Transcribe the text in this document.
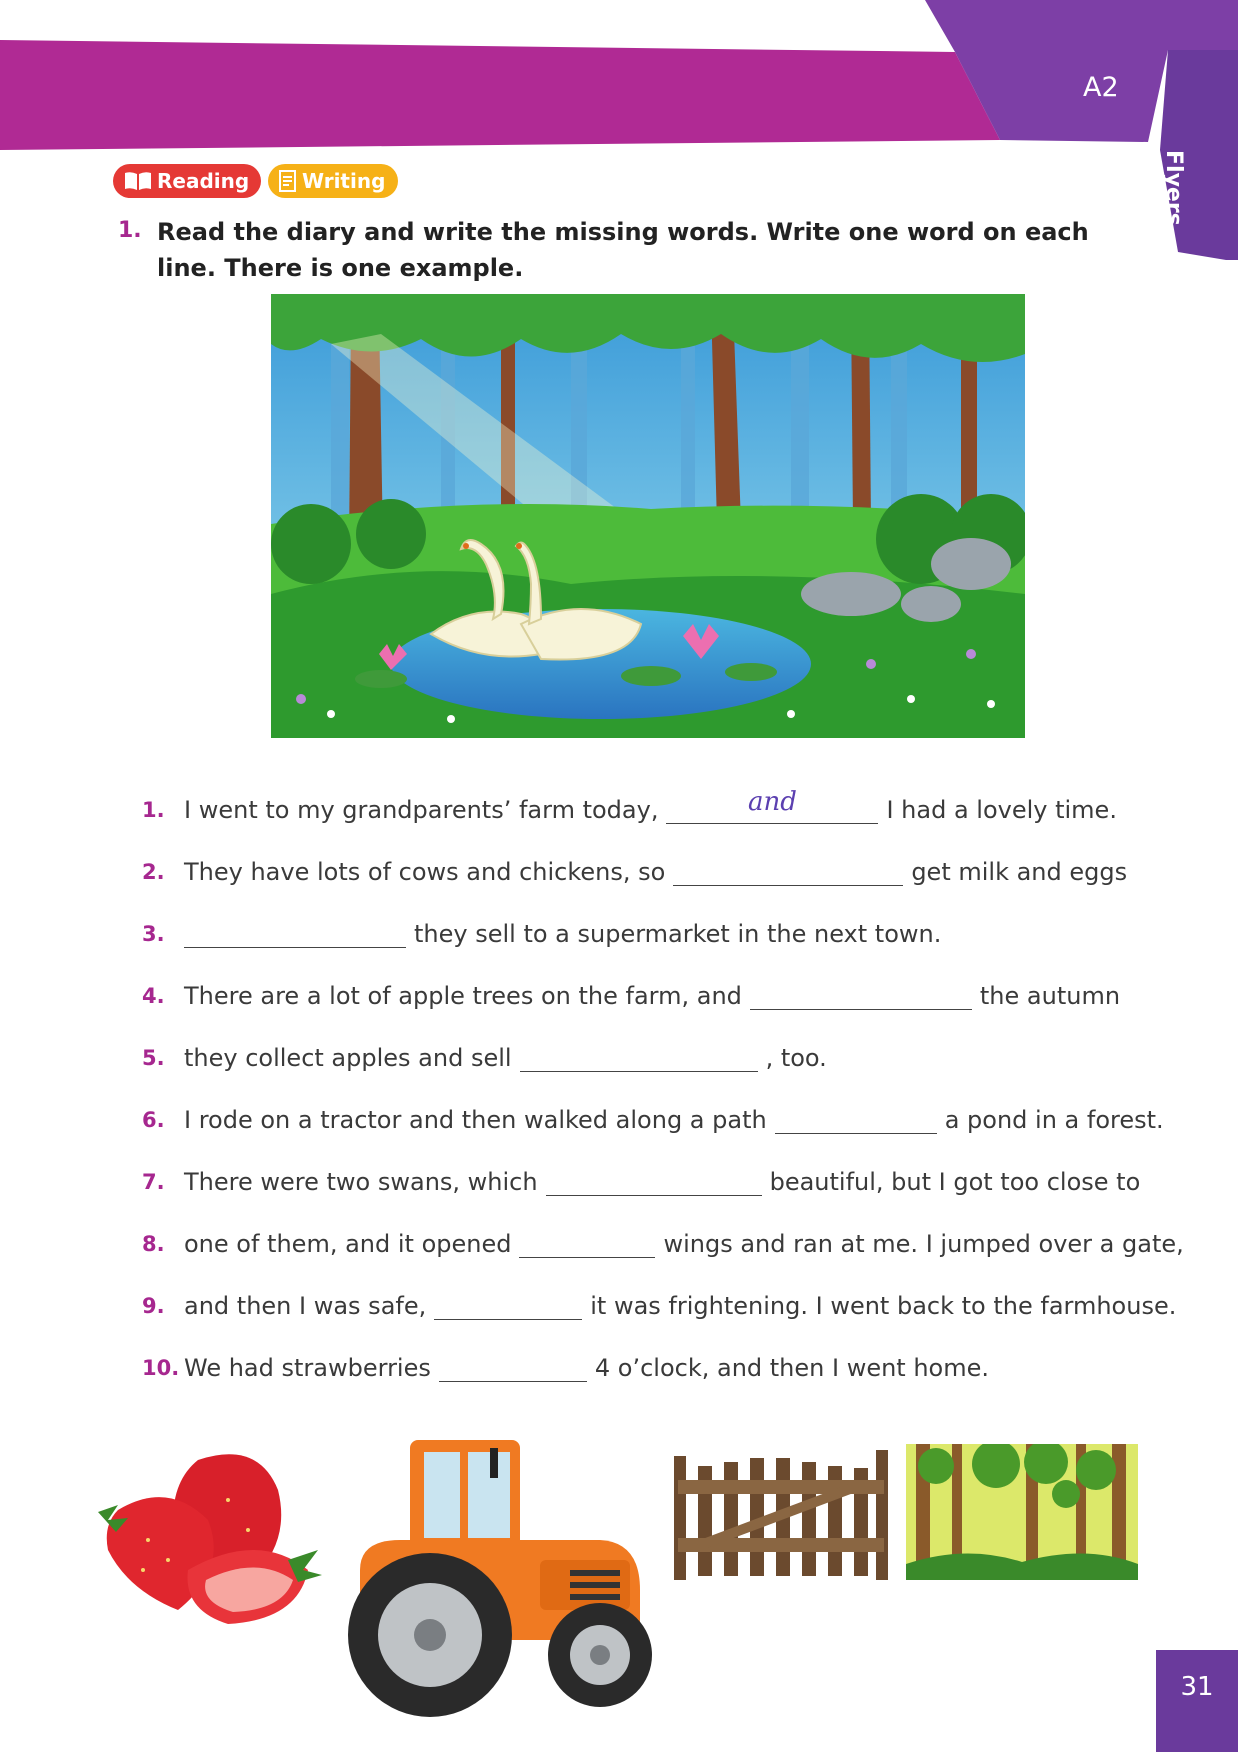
A2
Flyers
Reading	Writing
1. Read the diary and write the missing words. Write one word on each line. There is one example.
1. I went to my grandparents’ farm today,	and	I had a lovely time.
2. They have lots of cows and chickens, so	get milk and eggs
3.	they sell to a supermarket in the next town.
4. There are a lot of apple trees on the farm, and	the autumn
5. they collect apples and sell	, too.
6. I rode on a tractor and then walked along a path	a pond in a forest.
7. There were two swans, which	beautiful, but I got too close to
8. one of them, and it opened	wings and ran at me. I jumped over a gate,
9. and then I was safe,	it was frightening. I went back to the farmhouse.
10. We had strawberries	4 o’clock, and then I went home.
31
